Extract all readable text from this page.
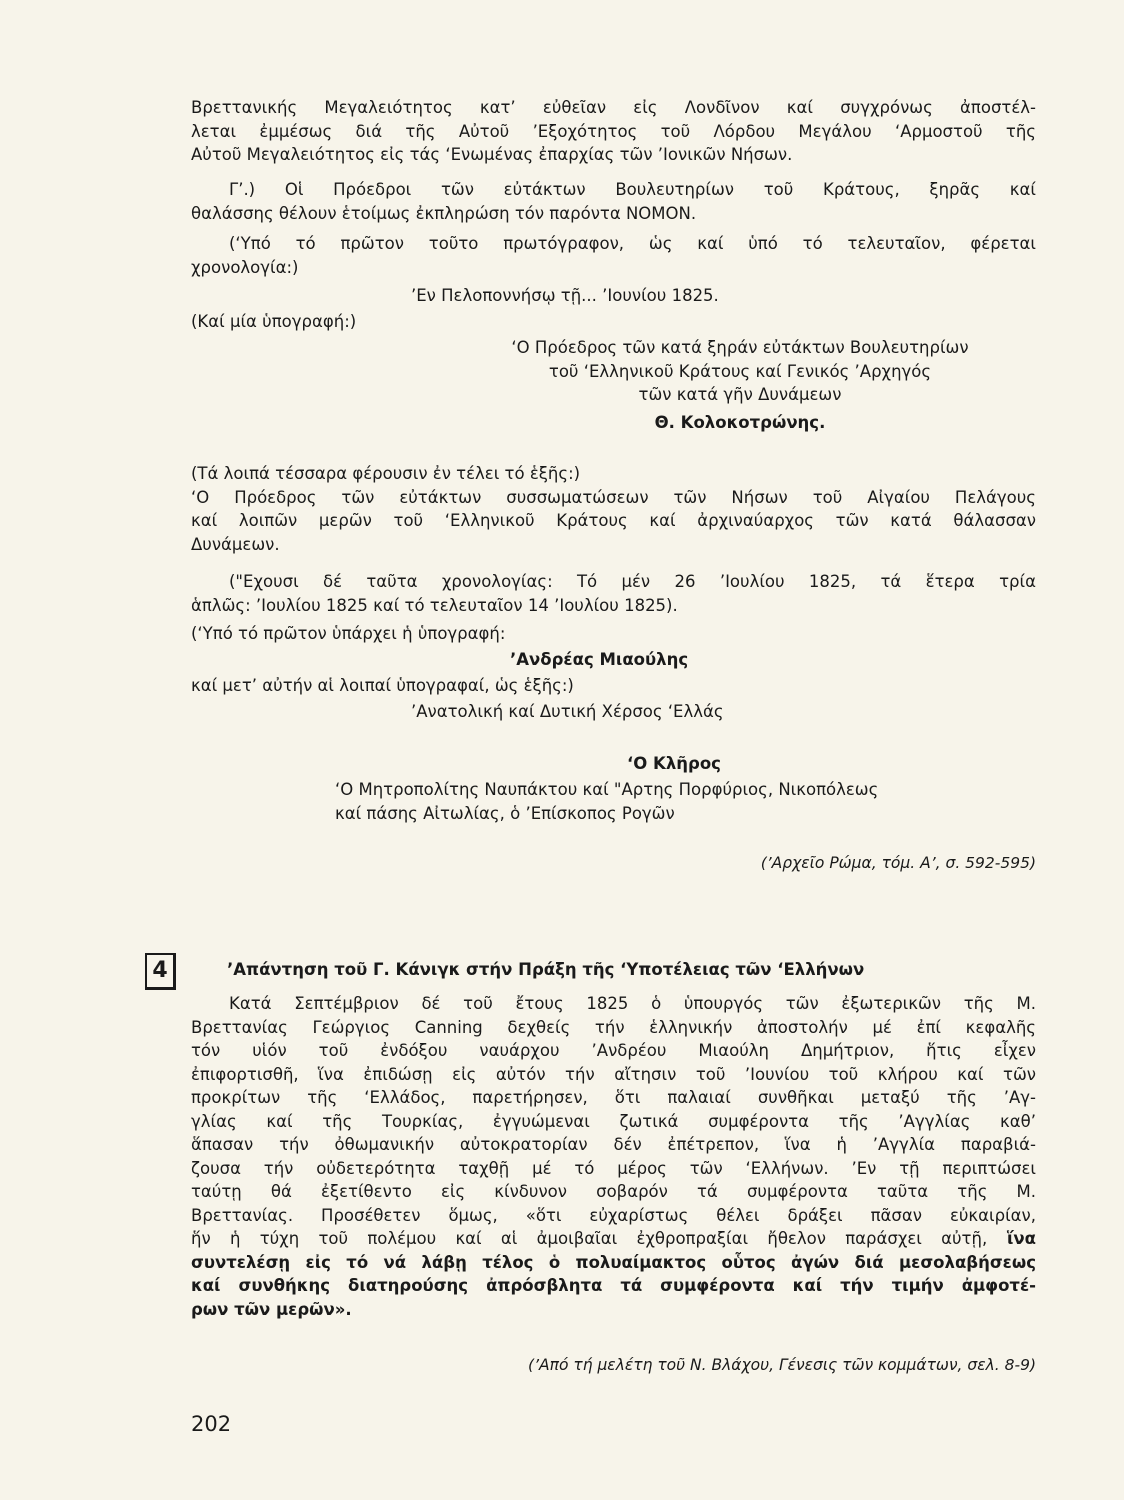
Βρεττανικής Μεγαλειότητος κατ’ εὐθεῖαν εἰς Λονδῖνον καί συγχρόνως ἀποστέλ-
λεται ἐμμέσως διά τῆς Αὐτοῦ ’Εξοχότητος τοῦ Λόρδου Μεγάλου ‘Αρμοστοῦ τῆς
Αὐτοῦ Μεγαλειότητος εἰς τάς ‘Ενωμένας ἐπαρχίας τῶν ’Ιονικῶν Νήσων.
Γ’.) Οἱ Πρόεδροι τῶν εὐτάκτων Βουλευτηρίων τοῦ Κράτους, ξηρᾶς καί
θαλάσσης θέλουν ἑτοίμως ἐκπληρώση τόν παρόντα ΝΟΜΟΝ.
(‘Υπό τό πρῶτον τοῦτο πρωτόγραφον, ὡς καί ὑπό τό τελευταῖον, φέρεται
χρονολογία:)
’Εν Πελοποννήσῳ τῇ... ’Ιουνίου 1825.
(Καί μία ὑπογραφή:)
‘Ο Πρόεδρος τῶν κατά ξηράν εὐτάκτων Βουλευτηρίων
τοῦ ‘Ελληνικοῦ Κράτους καί Γενικός ’Αρχηγός
τῶν κατά γῆν Δυνάμεων
Θ. Κολοκοτρώνης.
(Τά λοιπά τέσσαρα φέρουσιν ἐν τέλει τό ἑξῆς:)
‘Ο Πρόεδρος τῶν εὐτάκτων συσσωματώσεων τῶν Νήσων τοῦ Αἰγαίου Πελάγους
καί λοιπῶν μερῶν τοῦ ‘Ελληνικοῦ Κράτους καί ἀρχιναύαρχος τῶν κατά θάλασσαν
Δυνάμεων.
("Εχουσι δέ ταῦτα χρονολογίας: Τό μέν 26 ’Ιουλίου 1825, τά ἕτερα τρία
ἁπλῶς: ’Ιουλίου 1825 καί τό τελευταῖον 14 ’Ιουλίου 1825).
(‘Υπό τό πρῶτον ὑπάρχει ἡ ὑπογραφή:
’Ανδρέας Μιαούλης
καί μετ’ αὐτήν αἱ λοιπαί ὑπογραφαί, ὡς ἑξῆς:)
’Ανατολική καί Δυτική Χέρσος ‘Ελλάς
‘Ο Κλῆρος
‘Ο Μητροπολίτης Ναυπάκτου καί "Αρτης Πορφύριος, Νικοπόλεως
καί πάσης Αἰτωλίας, ὁ ’Επίσκοπος Ρογῶν
(’Αρχεῖο Ρώμα, τόμ. Α’, σ. 592-595)
4	’Απάντηση τοῦ Γ. Κάνιγκ στήν Πράξη τῆς ‘Υποτέλειας τῶν ‘Ελλήνων
Κατά Σεπτέμβριον δέ τοῦ ἔτους 1825 ὁ ὑπουργός τῶν ἐξωτερικῶν τῆς Μ.
Βρεττανίας Γεώργιος Canning δεχθείς τήν ἑλληνικήν ἀποστολήν μέ ἐπί κεφαλῆς
τόν υἱόν τοῦ ἐνδόξου ναυάρχου ’Ανδρέου Μιαούλη Δημήτριον, ἥτις εἶχεν
ἐπιφορτισθῆ, ἵνα ἐπιδώσῃ εἰς αὐτόν τήν αἴτησιν τοῦ ’Ιουνίου τοῦ κλήρου καί τῶν
προκρίτων τῆς ‘Ελλάδος, παρετήρησεν, ὅτι παλαιαί συνθῆκαι μεταξύ τῆς ’Αγ-
γλίας καί τῆς Τουρκίας, ἐγγυώμεναι ζωτικά συμφέροντα τῆς ’Αγγλίας καθ’
ἅπασαν τήν ὀθωμανικήν αὐτοκρατορίαν δέν ἐπέτρεπον, ἵνα ἡ ’Αγγλία παραβιά-
ζουσα τήν οὐδετερότητα ταχθῇ μέ τό μέρος τῶν ‘Ελλήνων. ’Εν τῇ περιπτώσει
ταύτῃ θά ἐξετίθεντο εἰς κίνδυνον σοβαρόν τά συμφέροντα ταῦτα τῆς Μ.
Βρεττανίας. Προσέθετεν ὅμως, «ὅτι εὐχαρίστως θέλει δράξει πᾶσαν εὐκαιρίαν,
ἥν ἡ τύχη τοῦ πολέμου καί αἱ ἀμοιβαῖαι ἐχθροπραξίαι ἤθελον παράσχει αὐτῇ, ἵνα
συντελέσῃ εἰς τό νά λάβῃ τέλος ὁ πολυαίμακτος οὗτος ἀγών διά μεσολαβήσεως
καί συνθήκης διατηρούσης ἀπρόσβλητα τά συμφέροντα καί τήν τιμήν ἀμφοτέ-
ρων τῶν μερῶν».
(’Από τή μελέτη τοῦ Ν. Βλάχου, Γένεσις τῶν κομμάτων, σελ. 8-9)
202
